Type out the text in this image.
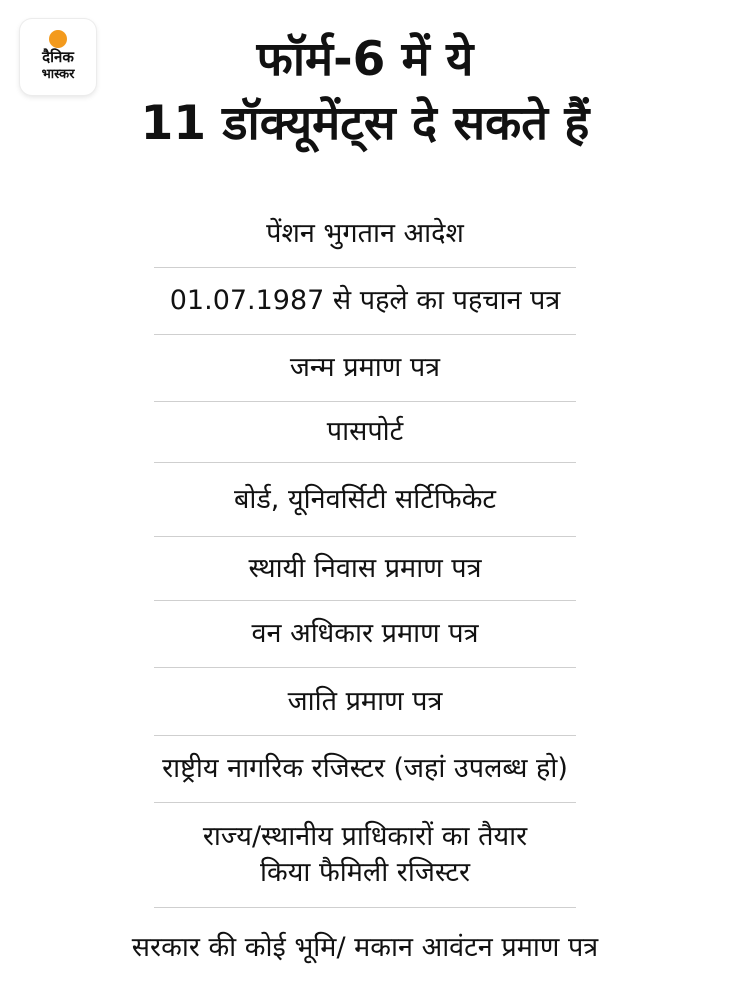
दैनिक
भास्कर	फॉर्म-6 में ये
11 डॉक्यूमेंट्स दे सकते हैं
पेंशन भुगतान आदेश
01.07.1987 से पहले का पहचान पत्र
जन्म प्रमाण पत्र
पासपोर्ट
बोर्ड, यूनिवर्सिटी सर्टिफिकेट
स्थायी निवास प्रमाण पत्र
वन अधिकार प्रमाण पत्र
जाति प्रमाण पत्र
राष्ट्रीय नागरिक रजिस्टर (जहां उपलब्ध हो)
राज्य/स्थानीय प्राधिकारों का तैयार
किया फैमिली रजिस्टर
सरकार की कोई भूमि/ मकान आवंटन प्रमाण पत्र
